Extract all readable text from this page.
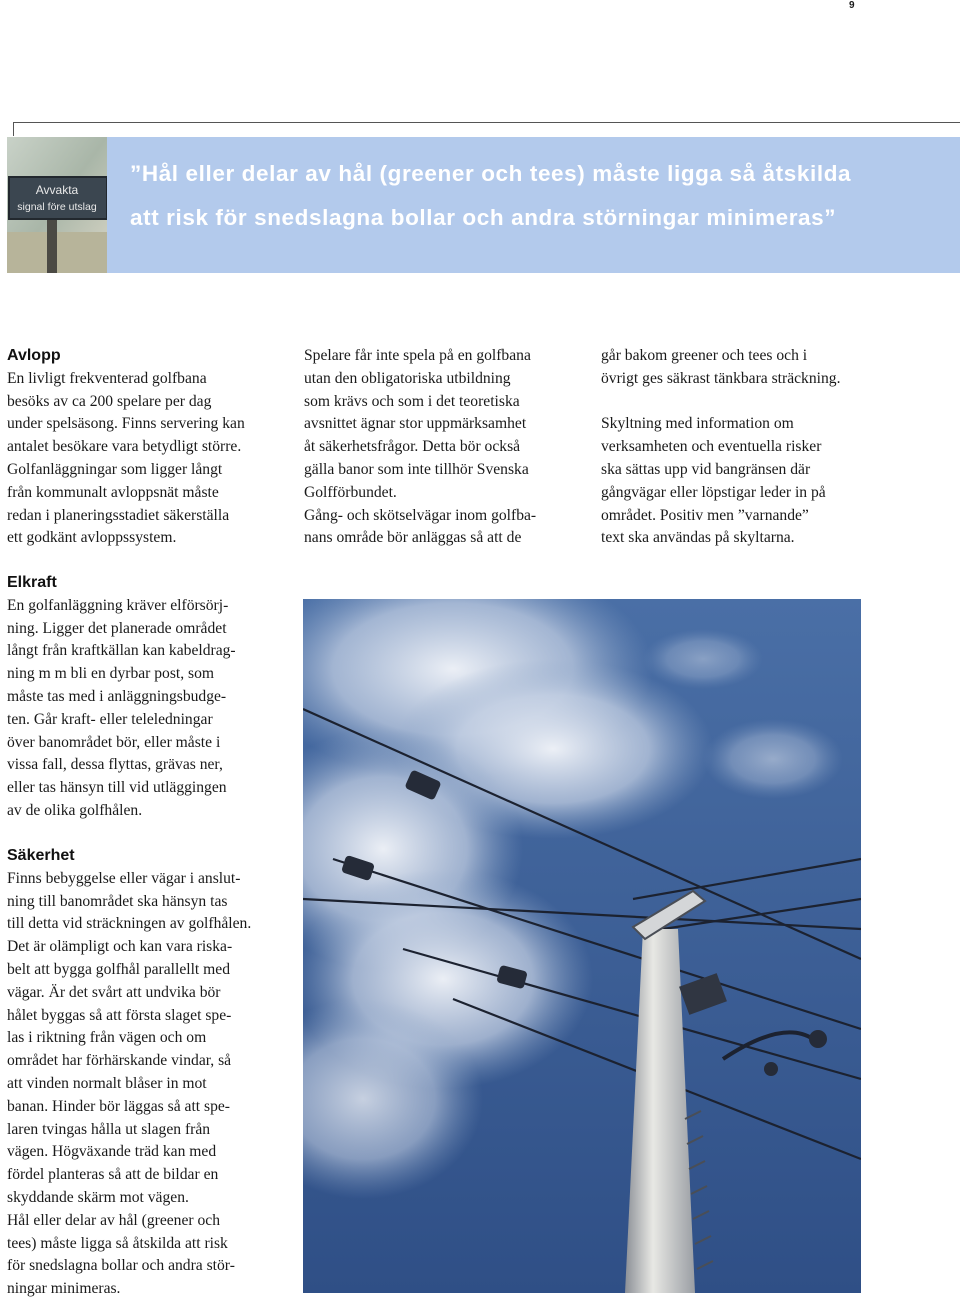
9
Avvakta
signal före utslag

”Hål eller delar av hål (greener och tees) måste ligga så åtskilda
att risk för snedslagna bollar och andra störningar minimeras”

Avlopp

En livligt frekventerad golfbana
besöks av ca 200 spelare per dag
under spelsäsong. Finns servering kan
antalet besökare vara betydligt större.
Golfanläggningar som ligger långt
från kommunalt avloppsnät måste
redan i planeringsstadiet säkerställa
ett godkänt avloppssystem.

Spelare får inte spela på en golfbana
utan den obligatoriska utbildning
som krävs och som i det teoretiska
avsnittet ägnar stor uppmärksamhet
åt säkerhetsfrågor. Detta bör också
gälla banor som inte tillhör Svenska
Golfförbundet.
Gång- och skötselvägar inom golfba-
nans område bör anläggas så att de

går bakom greener och tees och i
övrigt ges säkrast tänkbara sträckning.

Skyltning med information om
verksamheten och eventuella risker
ska sättas upp vid bangränsen där
gångvägar eller löpstigar leder in på
området. Positiv men ”varnande”
text ska användas på skyltarna.

Elkraft

En golfanläggning kräver elförsörj-
ning. Ligger det planerade området
långt från kraftkällan kan kabeldrag-
ning m m bli en dyrbar post, som
måste tas med i anläggningsbudge-
ten. Går kraft- eller teleledningar
över banområdet bör, eller måste i
vissa fall, dessa flyttas, grävas ner,
eller tas hänsyn till vid utläggingen
av de olika golfhålen.

Säkerhet

Finns bebyggelse eller vägar i anslut-
ning till banområdet ska hänsyn tas
till detta vid sträckningen av golfhålen.
Det är olämpligt och kan vara riska-
belt att bygga golfhål parallellt med
vägar. Är det svårt att undvika bör
hålet byggas så att första slaget spe-
las i riktning från vägen och om
området har förhärskande vindar, så
att vinden normalt blåser in mot
banan. Hinder bör läggas så att spe-
laren tvingas hålla ut slagen från
vägen. Högväxande träd kan med
fördel planteras så att de bildar en
skyddande skärm mot vägen.
Hål eller delar av hål (greener och
tees) måste ligga så åtskilda att risk
för snedslagna bollar och andra stör-
ningar minimeras.
